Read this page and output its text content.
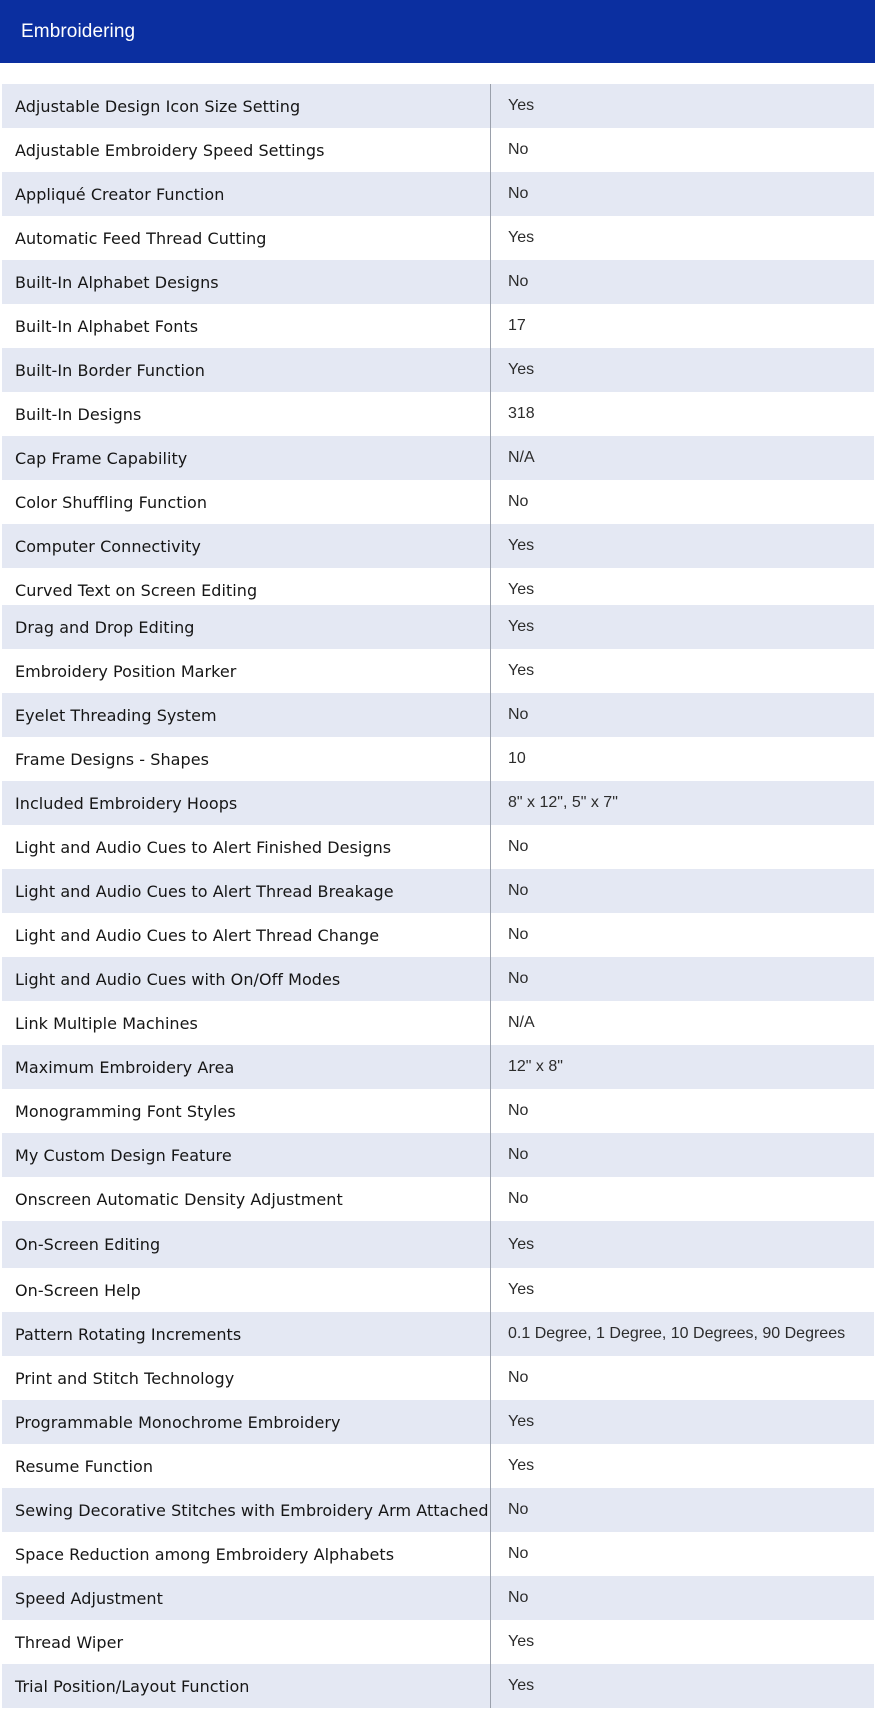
Embroidering
Adjustable Design Icon Size Setting	Yes
Adjustable Embroidery Speed Settings	No
Appliqué Creator Function	No
Automatic Feed Thread Cutting	Yes
Built-In Alphabet Designs	No
Built-In Alphabet Fonts	17
Built-In Border Function	Yes
Built-In Designs	318
Cap Frame Capability	N/A
Color Shuffling Function	No
Computer Connectivity	Yes
Curved Text on Screen Editing	Yes
Drag and Drop Editing	Yes
Embroidery Position Marker	Yes
Eyelet Threading System	No
Frame Designs - Shapes	10
Included Embroidery Hoops	8" x 12", 5" x 7"
Light and Audio Cues to Alert Finished Designs	No
Light and Audio Cues to Alert Thread Breakage	No
Light and Audio Cues to Alert Thread Change	No
Light and Audio Cues with On/Off Modes	No
Link Multiple Machines	N/A
Maximum Embroidery Area	12" x 8"
Monogramming Font Styles	No
My Custom Design Feature	No
Onscreen Automatic Density Adjustment	No
On-Screen Editing	Yes
On-Screen Help	Yes
Pattern Rotating Increments	0.1 Degree, 1 Degree, 10 Degrees, 90 Degrees
Print and Stitch Technology	No
Programmable Monochrome Embroidery	Yes
Resume Function	Yes
Sewing Decorative Stitches with Embroidery Arm Attached	No
Space Reduction among Embroidery Alphabets	No
Speed Adjustment	No
Thread Wiper	Yes
Trial Position/Layout Function	Yes
